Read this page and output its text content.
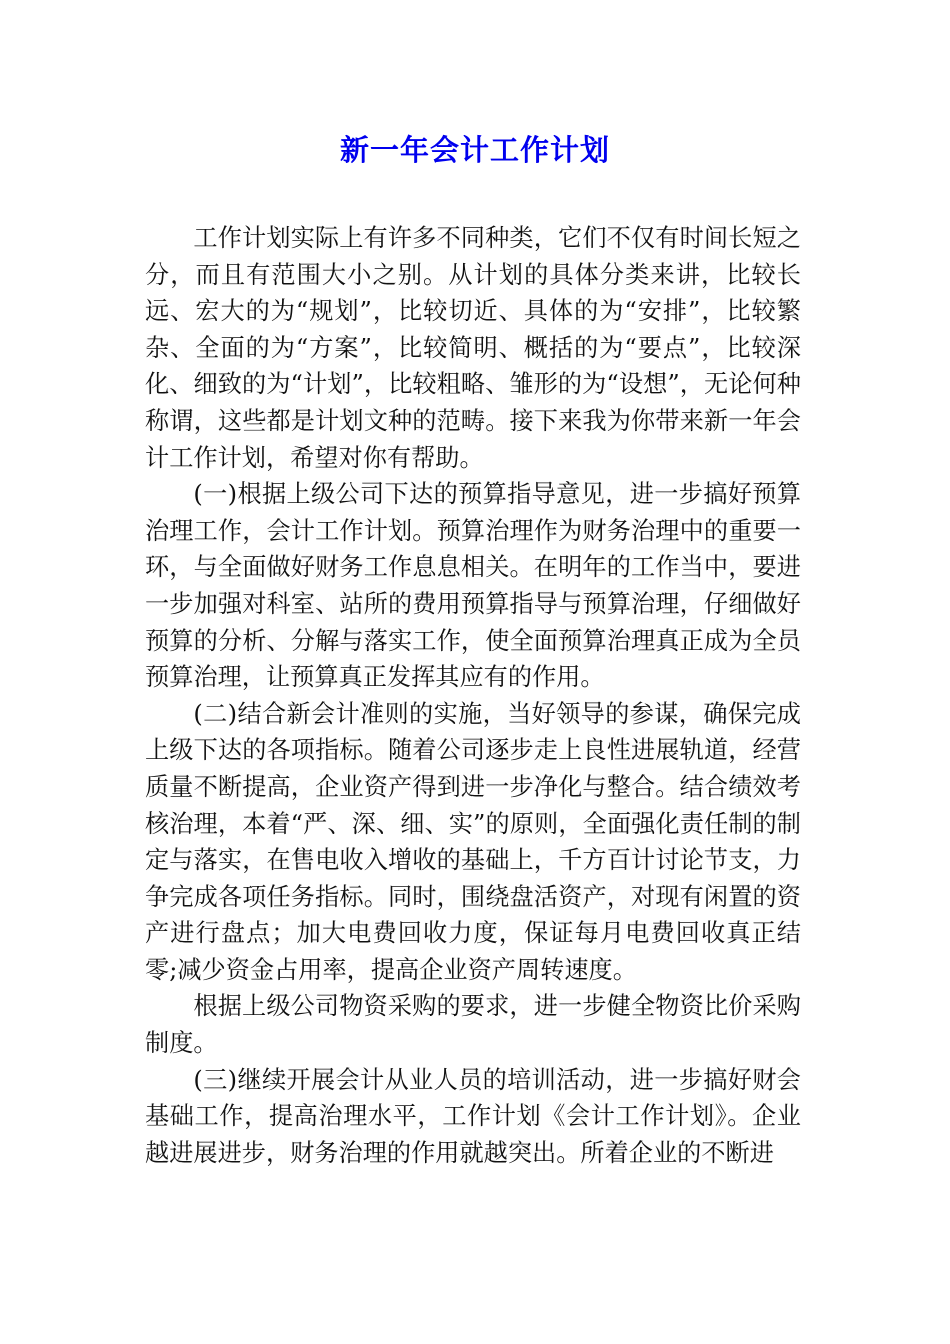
新一年会计工作计划

工作计划实际上有许多不同种类，它们不仅有时间长短之分，而且有范围大小之别。从计划的具体分类来讲，比较长远、宏大的为“规划”，比较切近、具体的为“安排”，比较繁杂、全面的为“方案”，比较简明、概括的为“要点”，比较深化、细致的为“计划”，比较粗略、雏形的为“设想”，无论何种称谓，这些都是计划文种的范畴。接下来我为你带来新一年会计工作计划，希望对你有帮助。

(一)根据上级公司下达的预算指导意见，进一步搞好预算治理工作，会计工作计划。预算治理作为财务治理中的重要一环，与全面做好财务工作息息相关。在明年的工作当中，要进一步加强对科室、站所的费用预算指导与预算治理，仔细做好预算的分析、分解与落实工作，使全面预算治理真正成为全员预算治理，让预算真正发挥其应有的作用。

(二)结合新会计准则的实施，当好领导的参谋，确保完成上级下达的各项指标。随着公司逐步走上良性进展轨道，经营质量不断提高，企业资产得到进一步净化与整合。结合绩效考核治理，本着“严、深、细、实”的原则，全面强化责任制的制定与落实，在售电收入增收的基础上，千方百计讨论节支，力争完成各项任务指标。同时，围绕盘活资产，对现有闲置的资产进行盘点；加大电费回收力度，保证每月电费回收真正结零;减少资金占用率，提高企业资产周转速度。

根据上级公司物资采购的要求，进一步健全物资比价采购制度。

(三)继续开展会计从业人员的培训活动，进一步搞好财会基础工作，提高治理水平，工作计划《会计工作计划》。企业越进展进步，财务治理的作用就越突出。所着企业的不断进
